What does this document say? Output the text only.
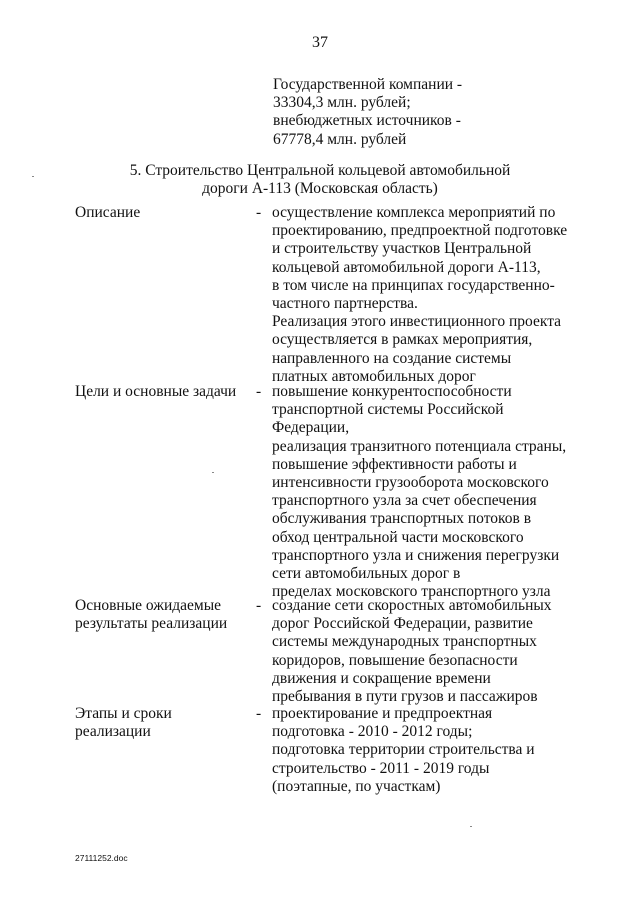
37
Государственной компании -
33304,3 млн. рублей;
внебюджетных источников -
67778,4 млн. рублей
5. Строительство Центральной кольцевой автомобильной
дороги А-113 (Московская область)
Описание	- осуществление комплекса мероприятий по
проектированию, предпроектной подготовке
и строительству участков Центральной
кольцевой автомобильной дороги А-113,
в том числе на принципах государственно-
частного партнерства.
Реализация этого инвестиционного проекта
осуществляется в рамках мероприятия,
направленного на создание системы
платных автомобильных дорог
Цели и основные задачи	- повышение конкурентоспособности
транспортной системы Российской
Федерации,
реализация транзитного потенциала страны,
повышение эффективности работы и
интенсивности грузооборота московского
транспортного узла за счет обеспечения
обслуживания транспортных потоков в
обход центральной части московского
транспортного узла и снижения перегрузки
сети автомобильных дорог в
пределах московского транспортного узла
Основные ожидаемые
результаты реализации
- создание сети скоростных автомобильных
дорог Российской Федерации, развитие
системы международных транспортных
коридоров, повышение безопасности
движения и сокращение времени
пребывания в пути грузов и пассажиров
Этапы и сроки
реализации
- проектирование и предпроектная
подготовка - 2010 - 2012 годы;
подготовка территории строительства и
строительство - 2011 - 2019 годы
(поэтапные, по участкам)
27111252.doc
